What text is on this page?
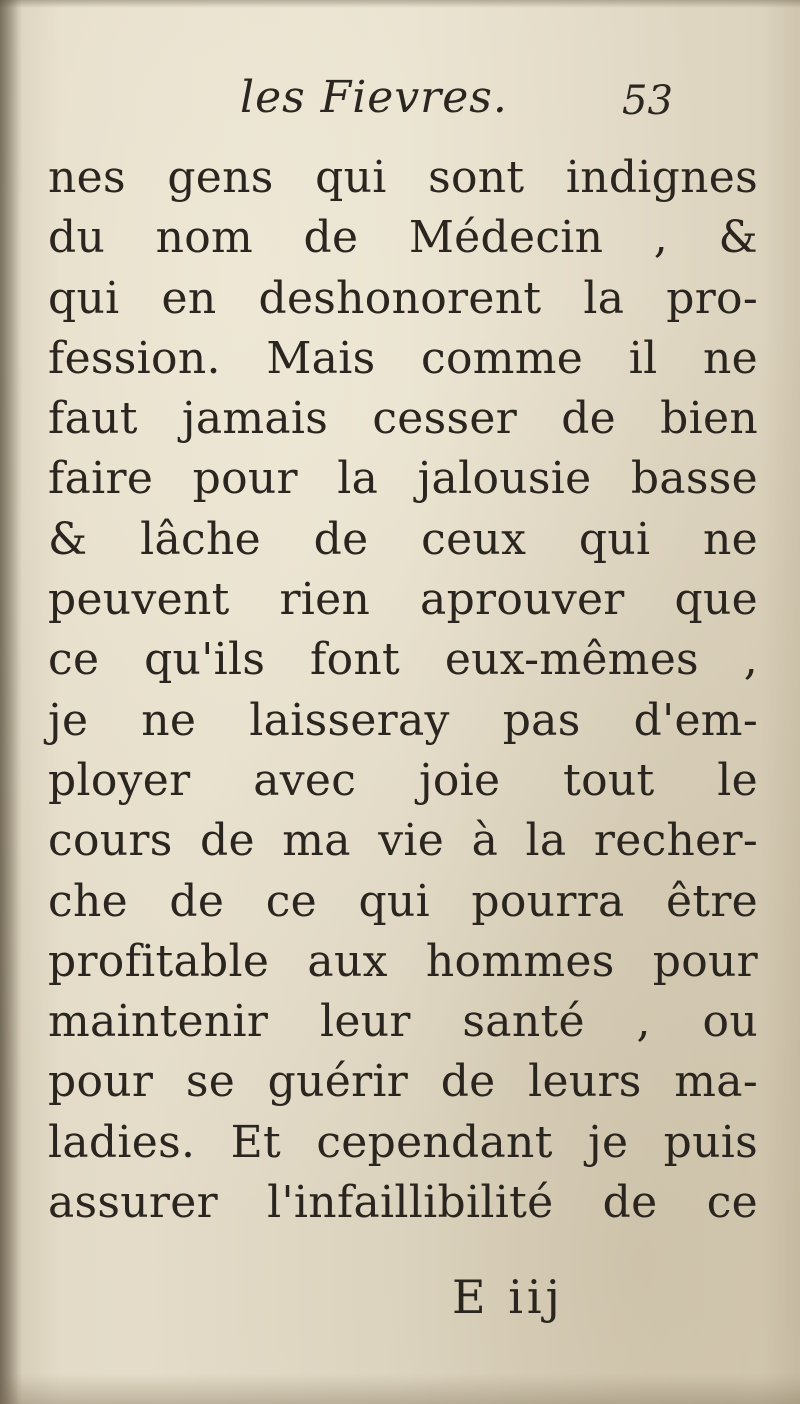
les Fievres.	53
nes gens qui sont indignes
du nom de Médecin , &
qui en deshonorent la pro-
fession. Mais comme il ne
faut jamais cesser de bien
faire pour la jalousie basse
& lâche de ceux qui ne
peuvent rien aprouver que
ce qu'ils font eux-mêmes ,
je ne laisseray pas d'em-
ployer avec joie tout le
cours de ma vie à la recher-
che de ce qui pourra être
profitable aux hommes pour
maintenir leur santé , ou
pour se guérir de leurs ma-
ladies. Et cependant je puis
assurer l'infaillibilité de ce
E iij
